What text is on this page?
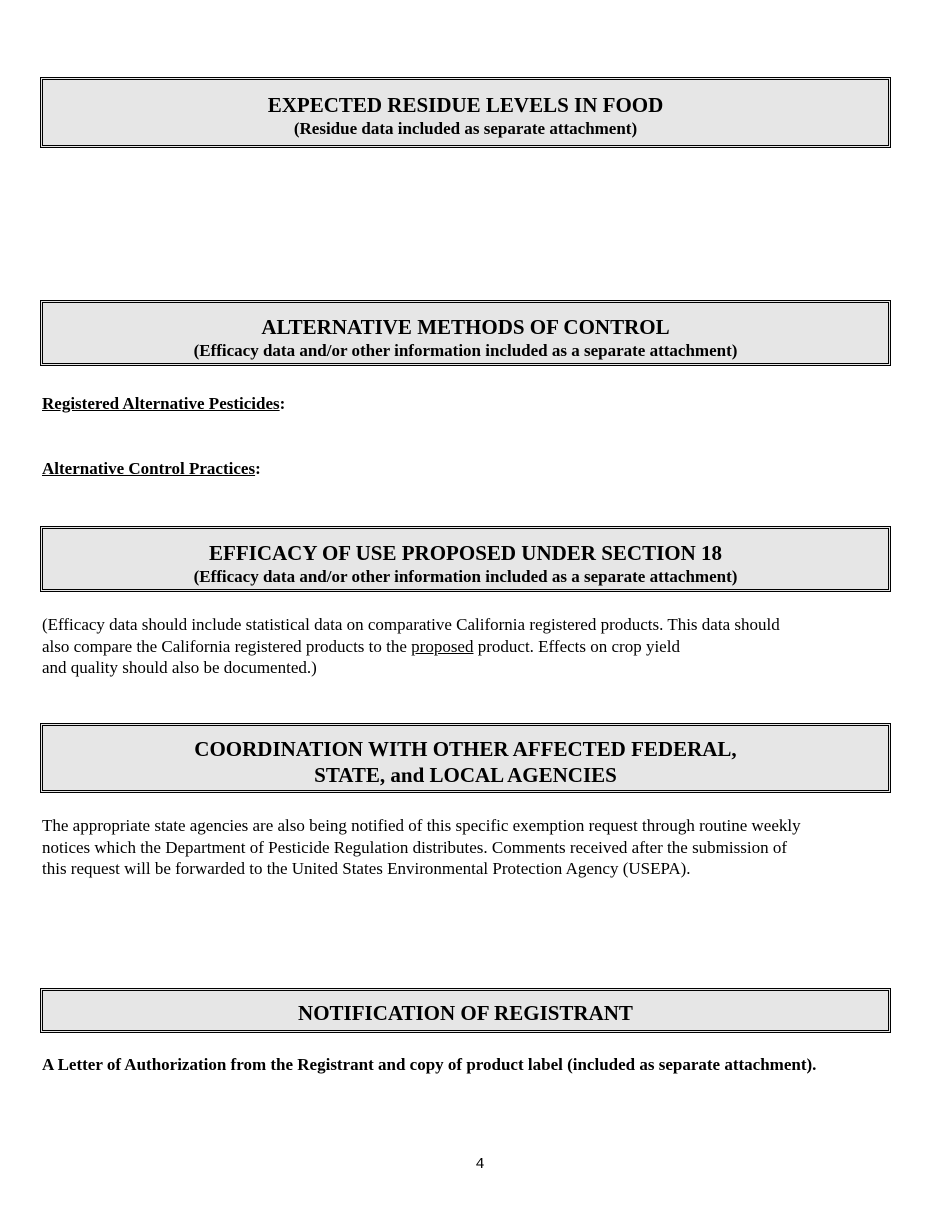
EXPECTED RESIDUE LEVELS IN FOOD
(Residue data included as separate attachment)
ALTERNATIVE METHODS OF CONTROL
(Efficacy data and/or other information included as a separate attachment)
Registered Alternative Pesticides:
Alternative Control Practices:
EFFICACY OF USE PROPOSED UNDER SECTION 18
(Efficacy data and/or other information included as a separate attachment)
(Efficacy data should include statistical data on comparative California registered products. This data should
also compare the California registered products to the proposed product. Effects on crop yield
and quality should also be documented.)
COORDINATION WITH OTHER AFFECTED FEDERAL,
STATE, and LOCAL AGENCIES
The appropriate state agencies are also being notified of this specific exemption request through routine weekly
notices which the Department of Pesticide Regulation distributes. Comments received after the submission of
this request will be forwarded to the United States Environmental Protection Agency (USEPA).
NOTIFICATION OF REGISTRANT
A Letter of Authorization from the Registrant and copy of product label (included as separate attachment).
4
